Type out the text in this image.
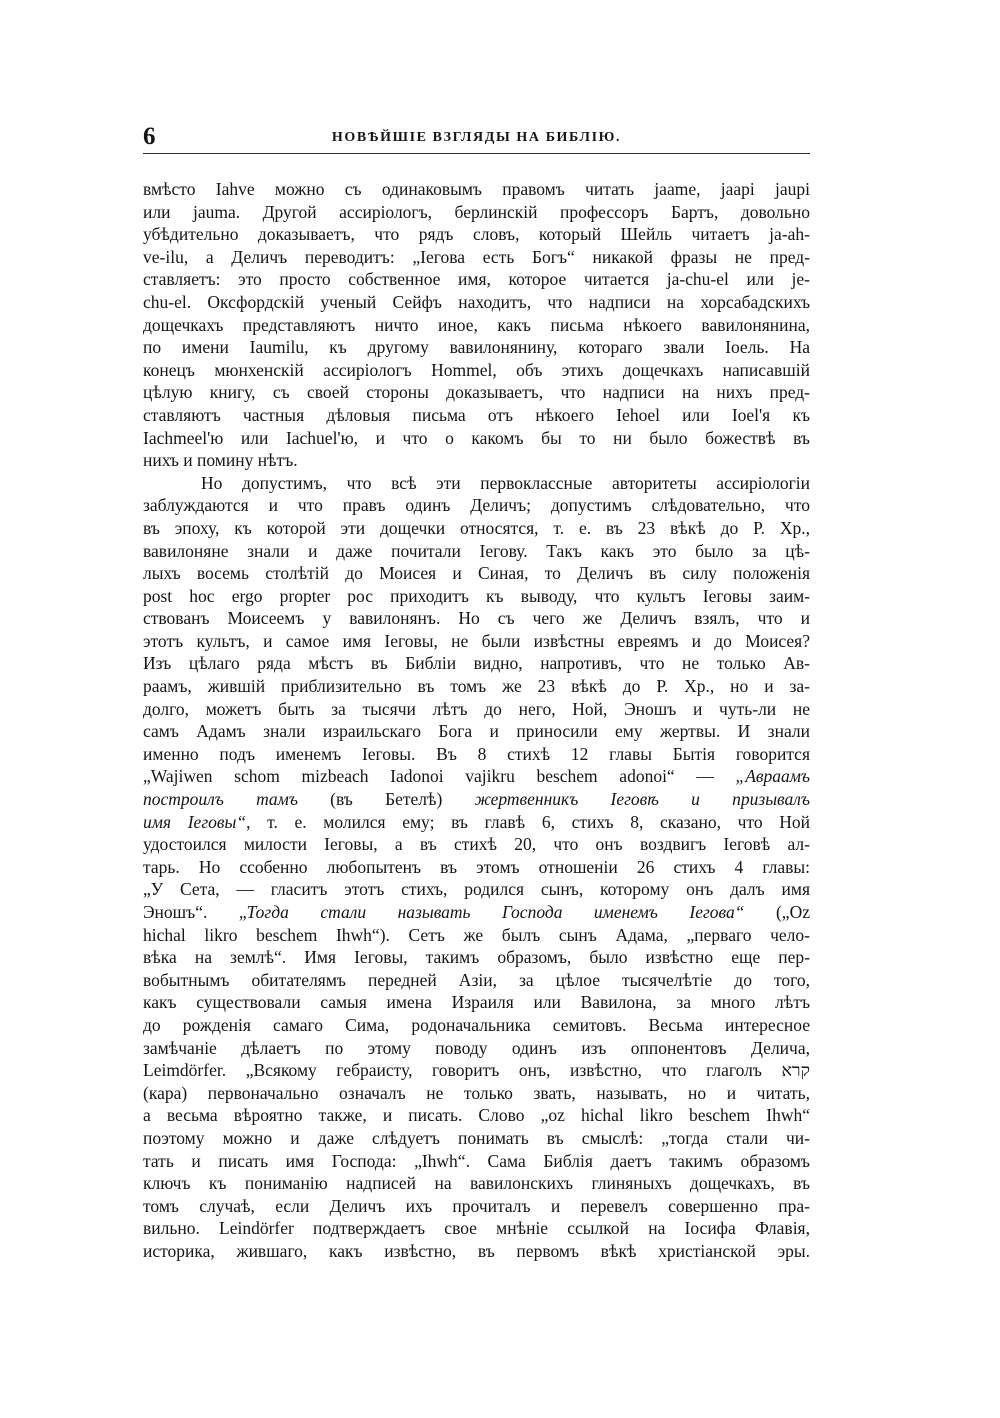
6	НОВѢЙШІЕ ВЗГЛЯДЫ НА БИБЛІЮ.
вмѣсто Iahve можно съ одинаковымъ правомъ читать jaame, jaapi jaupi
или jauma. Другой ассиріологъ, берлинскій профессоръ Бартъ, довольно
убѣдительно доказываетъ, что рядъ словъ, который Шейль читаетъ ja-ah-
ve-ilu, а Деличъ переводитъ: „Iегова есть Богъ“ никакой фразы не пред-
ставляетъ: это просто собственное имя, которое читается ja-chu-el или je-
chu-el. Оксфордскій ученый Сейфъ находитъ, что надписи на хорсабадскихъ
дощечкахъ представляютъ ничто иное, какъ письма нѣкоего вавилонянина,
по имени Iaumilu, къ другому вавилонянину, котораго звали Iоель. На
конецъ мюнхенскій ассиріологъ Hommel, объ этихъ дощечкахъ написавшій
цѣлую книгу, съ своей стороны доказываетъ, что надписи на нихъ пред-
ставляютъ частныя дѣловыя письма отъ нѣкоего Iehoel или Ioel'я къ
Iachmeel'ю или Iachuel'ю, и что о какомъ бы то ни было божествѣ въ
нихъ и помину нѣтъ.
Но допустимъ, что всѣ эти первоклассные авторитеты ассиріологіи
заблуждаются и что правъ одинъ Деличъ; допустимъ слѣдовательно, что
въ эпоху, къ которой эти дощечки относятся, т. е. въ 23 вѣкѣ до Р. Хр.,
вавилоняне знали и даже почитали Iегову. Такъ какъ это было за цѣ-
лыхъ восемь столѣтій до Моисея и Синая, то Деличъ въ силу положенія
post hoc ergo propter рос приходитъ къ выводу, что культъ Iеговы заим-
ствованъ Моисеемъ у вавилонянъ. Но съ чего же Деличъ взялъ, что и
этотъ культъ, и самое имя Iеговы, не были извѣстны евреямъ и до Моисея?
Изъ цѣлаго ряда мѣстъ въ Библіи видно, напротивъ, что не только Ав-
раамъ, жившій приблизительно въ томъ же 23 вѣкѣ до Р. Хр., но и за-
долго, можетъ быть за тысячи лѣтъ до него, Ной, Эношъ и чуть-ли не
самъ Адамъ знали израильскаго Бога и приносили ему жертвы. И знали
именно подъ именемъ Iеговы. Въ 8 стихѣ 12 главы Бытія говорится
„Wajiwen schom mizbeach Iadonoi vajikru beschem adonoi“ — „Авраамъ
построилъ тамъ (въ Бетелѣ) жертвенникъ Iеговѣ и призывалъ
имя Iеговы“, т. е. молился ему; въ главѣ 6, стихъ 8, сказано, что Ной
удостоился милости Iеговы, а въ стихѣ 20, что онъ воздвигъ Iеговѣ ал-
тарь. Но ссобенно любопытенъ въ этомъ отношеніи 26 стихъ 4 главы:
„У Сета, — гласитъ этотъ стихъ, родился сынъ, которому онъ далъ имя
Эношъ“. „Тогда стали называть Господа именемъ Iегова“ („Oz
hichal likro beschem Ihwh“). Сетъ же былъ сынъ Адама, „перваго чело-
вѣка на землѣ“. Имя Iеговы, такимъ образомъ, было извѣстно еще пер-
вобытнымъ обитателямъ передней Азіи, за цѣлое тысячелѣтіе до того,
какъ существовали самыя имена Израиля или Вавилона, за много лѣтъ
до рожденія самаго Сима, родоначальника семитовъ. Весьма интересное
замѣчаніе дѣлаетъ по этому поводу одинъ изъ оппонентовъ Делича,
Leimdörfer. „Всякому гебраисту, говоритъ онъ, извѣстно, что глаголъ קרא
(кара) первоначально означалъ не только звать, называть, но и читать,
а весьма вѣроятно также, и писать. Слово „oz hichal likro beschem Ihwh“
поэтому можно и даже слѣдуетъ понимать въ смыслѣ: „тогда стали чи-
тать и писать имя Господа: „Ihwh“. Сама Библія даетъ такимъ образомъ
ключъ къ пониманію надписей на вавилонскихъ глиняныхъ дощечкахъ, въ
томъ случаѣ, если Деличъ ихъ прочиталъ и перевелъ совершенно пра-
вильно. Leindörfer подтверждаетъ свое мнѣніе ссылкой на Iосифа Флавія,
историка, жившаго, какъ извѣстно, въ первомъ вѣкѣ христіанской эры.
